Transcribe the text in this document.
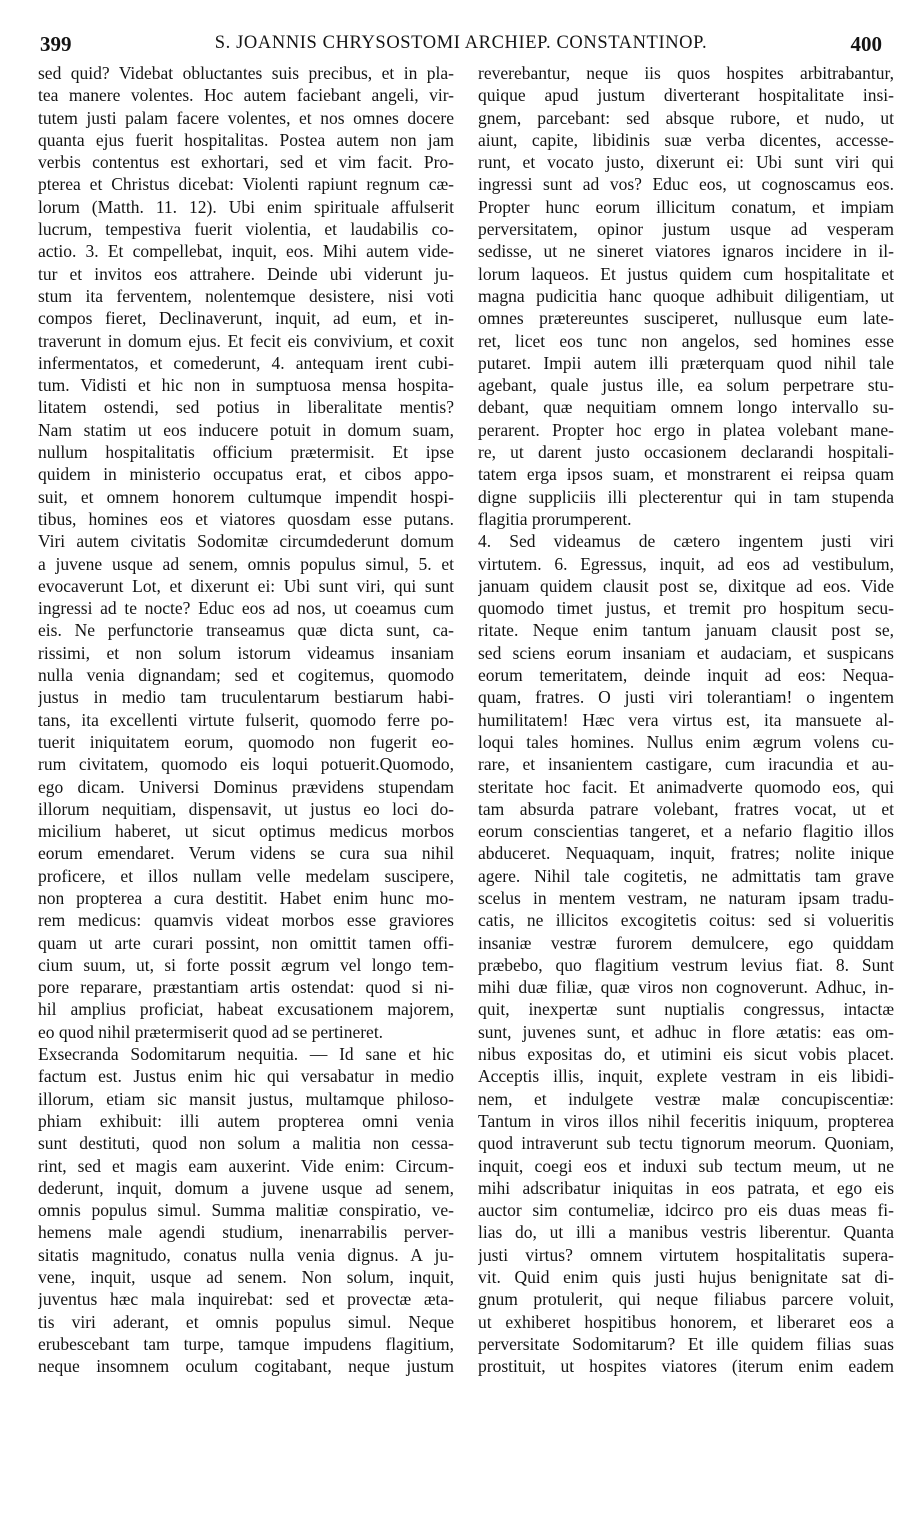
399	S. JOANNIS CHRYSOSTOMI ARCHIEP. CONSTANTINOP.	400
sed quid? Videbat obluctantes suis precibus, et in pla-
tea manere volentes. Hoc autem faciebant angeli, vir-
tutem justi palam facere volentes, et nos omnes docere
quanta ejus fuerit hospitalitas. Postea autem non jam
verbis contentus est exhortari, sed et vim facit. Pro-
pterea et Christus dicebat: Violenti rapiunt regnum cæ-
lorum (Matth. 11. 12). Ubi enim spirituale affulserit
lucrum, tempestiva fuerit violentia, et laudabilis co-
actio. 3. Et compellebat, inquit, eos. Mihi autem vide-
tur et invitos eos attrahere. Deinde ubi viderunt ju-
stum ita ferventem, nolentemque desistere, nisi voti
compos fieret, Declinaverunt, inquit, ad eum, et in-
traverunt in domum ejus. Et fecit eis convivium, et coxit
infermentatos, et comederunt, 4. antequam irent cubi-
tum. Vidisti et hic non in sumptuosa mensa hospita-
litatem ostendi, sed potius in liberalitate mentis?
Nam statim ut eos inducere potuit in domum suam,
nullum hospitalitatis officium prætermisit. Et ipse
quidem in ministerio occupatus erat, et cibos appo-
suit, et omnem honorem cultumque impendit hospi-
tibus, homines eos et viatores quosdam esse putans.
Viri autem civitatis Sodomitæ circumdederunt domum
a juvene usque ad senem, omnis populus simul, 5. et
evocaverunt Lot, et dixerunt ei: Ubi sunt viri, qui sunt
ingressi ad te nocte? Educ eos ad nos, ut coeamus cum
eis. Ne perfunctorie transeamus quæ dicta sunt, ca-
rissimi, et non solum istorum videamus insaniam
nulla venia dignandam; sed et cogitemus, quomodo
justus in medio tam truculentarum bestiarum habi-
tans, ita excellenti virtute fulserit, quomodo ferre po-
tuerit iniquitatem eorum, quomodo non fugerit eo-
rum civitatem, quomodo eis loqui potuerit.Quomodo,
ego dicam. Universi Dominus prævidens stupendam
illorum nequitiam, dispensavit, ut justus eo loci do-
micilium haberet, ut sicut optimus medicus morbos
eorum emendaret. Verum videns se cura sua nihil
proficere, et illos nullam velle medelam suscipere,
non propterea a cura destitit. Habet enim hunc mo-
rem medicus: quamvis videat morbos esse graviores
quam ut arte curari possint, non omittit tamen offi-
cium suum, ut, si forte possit ægrum vel longo tem-
pore reparare, præstantiam artis ostendat: quod si ni-
hil amplius proficiat, habeat excusationem majorem,
eo quod nihil prætermiserit quod ad se pertineret.
Exsecranda Sodomitarum nequitia. — Id sane et hic
factum est. Justus enim hic qui versabatur in medio
illorum, etiam sic mansit justus, multamque philoso-
phiam exhibuit: illi autem propterea omni venia
sunt destituti, quod non solum a malitia non cessa-
rint, sed et magis eam auxerint. Vide enim: Circum-
dederunt, inquit, domum a juvene usque ad senem,
omnis populus simul. Summa malitiæ conspiratio, ve-
hemens male agendi studium, inenarrabilis perver-
sitatis magnitudo, conatus nulla venia dignus. A ju-
vene, inquit, usque ad senem. Non solum, inquit,
juventus hæc mala inquirebat: sed et provectæ æta-
tis viri aderant, et omnis populus simul. Neque
erubescebant tam turpe, tamque impudens flagitium,
neque insomnem oculum cogitabant, neque justum
reverebantur, neque iis quos hospites arbitrabantur,
quique apud justum diverterant hospitalitate insi-
gnem, parcebant: sed absque rubore, et nudo, ut
aiunt, capite, libidinis suæ verba dicentes, accesse-
runt, et vocato justo, dixerunt ei: Ubi sunt viri qui
ingressi sunt ad vos? Educ eos, ut cognoscamus eos.
Propter hunc eorum illicitum conatum, et impiam
perversitatem, opinor justum usque ad vesperam
sedisse, ut ne sineret viatores ignaros incidere in il-
lorum laqueos. Et justus quidem cum hospitalitate et
magna pudicitia hanc quoque adhibuit diligentiam, ut
omnes prætereuntes susciperet, nullusque eum late-
ret, licet eos tunc non angelos, sed homines esse
putaret. Impii autem illi præterquam quod nihil tale
agebant, quale justus ille, ea solum perpetrare stu-
debant, quæ nequitiam omnem longo intervallo su-
perarent. Propter hoc ergo in platea volebant mane-
re, ut darent justo occasionem declarandi hospitali-
tatem erga ipsos suam, et monstrarent ei reipsa quam
digne suppliciis illi plecterentur qui in tam stupenda
flagitia prorumperent.
4. Sed videamus de cætero ingentem justi viri
virtutem. 6. Egressus, inquit, ad eos ad vestibulum,
januam quidem clausit post se, dixitque ad eos. Vide
quomodo timet justus, et tremit pro hospitum secu-
ritate. Neque enim tantum januam clausit post se,
sed sciens eorum insaniam et audaciam, et suspicans
eorum temeritatem, deinde inquit ad eos: Nequa-
quam, fratres. O justi viri tolerantiam! o ingentem
humilitatem! Hæc vera virtus est, ita mansuete al-
loqui tales homines. Nullus enim ægrum volens cu-
rare, et insanientem castigare, cum iracundia et au-
steritate hoc facit. Et animadverte quomodo eos, qui
tam absurda patrare volebant, fratres vocat, ut et
eorum conscientias tangeret, et a nefario flagitio illos
abduceret. Nequaquam, inquit, fratres; nolite inique
agere. Nihil tale cogitetis, ne admittatis tam grave
scelus in mentem vestram, ne naturam ipsam tradu-
catis, ne illicitos excogitetis coitus: sed si volueritis
insaniæ vestræ furorem demulcere, ego quiddam
præbebo, quo flagitium vestrum levius fiat. 8. Sunt
mihi duæ filiæ, quæ viros non cognoverunt. Adhuc, in-
quit, inexpertæ sunt nuptialis congressus, intactæ
sunt, juvenes sunt, et adhuc in flore ætatis: eas om-
nibus expositas do, et utimini eis sicut vobis placet.
Acceptis illis, inquit, explete vestram in eis libidi-
nem, et indulgete vestræ malæ concupiscentiæ:
Tantum in viros illos nihil feceritis iniquum, propterea
quod intraverunt sub tectu tignorum meorum. Quoniam,
inquit, coegi eos et induxi sub tectum meum, ut ne
mihi adscribatur iniquitas in eos patrata, et ego eis
auctor sim contumeliæ, idcirco pro eis duas meas fi-
lias do, ut illi a manibus vestris liberentur. Quanta
justi virtus? omnem virtutem hospitalitatis supera-
vit. Quid enim quis justi hujus benignitate sat di-
gnum protulerit, qui neque filiabus parcere voluit,
ut exhiberet hospitibus honorem, et liberaret eos a
perversitate Sodomitarum? Et ille quidem filias suas
prostituit, ut hospites viatores (iterum enim eadem
